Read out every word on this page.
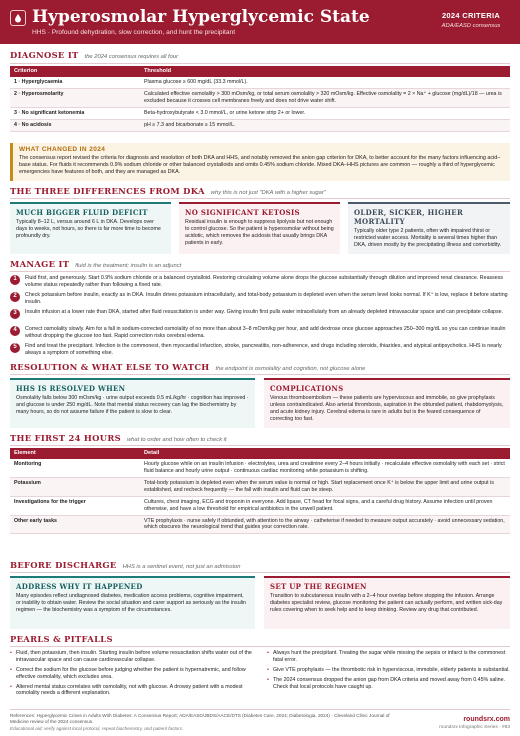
Hyperosmolar Hyperglycemic State
HHS · Profound dehydration, slow correction, and hunt the precipitant
2024 CRITERIA
ADA/EASD consensus
DIAGNOSE IT the 2024 consensus requires all four
Criterion	Threshold
1 · Hyperglycaemia	Plasma glucose ≥ 600 mg/dL (33.3 mmol/L).
2 · Hyperosmolarity	Calculated effective osmolality > 300 mOsm/kg, or total serum osmolality > 320 mOsm/kg. Effective osmolality = 2 × Na⁺ + glucose (mg/dL)/18 — urea is excluded because it crosses cell membranes freely and does not drive water shift.
3 · No significant ketonemia	Beta-hydroxybutyrate < 3.0 mmol/L, or urine ketone strip 2+ or lower.
4 · No acidosis	pH ≥ 7.3 and bicarbonate ≥ 15 mmol/L.
WHAT CHANGED IN 2024
The consensus report revised the criteria for diagnosis and resolution of both DKA and HHS, and notably removed the anion gap criterion for DKA, to better account for the many factors influencing acid–base status. For fluids it recommends 0.9% sodium chloride or other balanced crystalloids and omits 0.45% sodium chloride. Mixed DKA–HHS pictures are common — roughly a third of hyperglycemic emergencies have features of both, and they are managed as DKA.
THE THREE DIFFERENCES FROM DKA why this is not just "DKA with a higher sugar"
MUCH BIGGER FLUID DEFICIT
Typically 8–12 L, versus around 6 L in DKA. Develops over days to weeks, not hours, so there is far more time to become profoundly dry.
NO SIGNIFICANT KETOSIS
Residual insulin is enough to suppress lipolysis but not enough to control glucose. So the patient is hyperosmolar without being acidotic, which removes the acidosis that usually brings DKA patients in early.
OLDER, SICKER, HIGHER MORTALITY
Typically older type 2 patients, often with impaired thirst or restricted water access. Mortality is several times higher than DKA, driven mostly by the precipitating illness and comorbidity.
MANAGE IT fluid is the treatment; insulin is an adjunct
1	Fluid first, and generously. Start 0.9% sodium chloride or a balanced crystalloid. Restoring circulating volume alone drops the glucose substantially through dilution and improved renal clearance. Reassess volume status repeatedly rather than following a fixed rate.
2	Check potassium before insulin, exactly as in DKA. Insulin drives potassium intracellularly, and total-body potassium is depleted even when the serum level looks normal. If K⁺ is low, replace it before starting insulin.
3	Insulin infusion at a lower rate than DKA, started after fluid resuscitation is under way. Giving insulin first pulls water intracellularly from an already depleted intravascular space and can precipitate collapse.
4	Correct osmolality slowly. Aim for a fall in sodium-corrected osmolality of no more than about 3–8 mOsm/kg per hour, and add dextrose once glucose approaches 250–300 mg/dL so you can continue insulin without dropping the glucose too fast. Rapid correction risks cerebral edema.
5	Find and treat the precipitant. Infection is the commonest, then myocardial infarction, stroke, pancreatitis, non-adherence, and drugs including steroids, thiazides, and atypical antipsychotics. HHS is nearly always a symptom of something else.
RESOLUTION & WHAT ELSE TO WATCH the endpoint is osmolality and cognition, not glucose alone
HHS IS RESOLVED WHEN
Osmolality falls below 300 mOsm/kg · urine output exceeds 0.5 mL/kg/hr · cognition has improved · and glucose is under 250 mg/dL. Note that mental status recovery can lag the biochemistry by many hours, so do not assume failure if the patient is slow to clear.
COMPLICATIONS
Venous thromboembolism — these patients are hyperviscous and immobile, so give prophylaxis unless contraindicated. Also arterial thrombosis, aspiration in the obtunded patient, rhabdomyolysis, and acute kidney injury. Cerebral edema is rare in adults but is the feared consequence of correcting too fast.
THE FIRST 24 HOURS what to order and how often to check it
Element	Detail
Monitoring	Hourly glucose while on an insulin infusion · electrolytes, urea and creatinine every 2–4 hours initially · recalculate effective osmolality with each set · strict fluid balance and hourly urine output · continuous cardiac monitoring while potassium is shifting.
Potassium	Total-body potassium is depleted even when the serum value is normal or high. Start replacement once K⁺ is below the upper limit and urine output is established, and recheck frequently — the fall with insulin and fluid can be steep.
Investigations for the trigger	Cultures, chest imaging, ECG and troponin in everyone. Add lipase, CT head for focal signs, and a careful drug history. Assume infection until proven otherwise, and have a low threshold for empirical antibiotics in the unwell patient.
Other early tasks	VTE prophylaxis · nurse safely if obtunded, with attention to the airway · catheterise if needed to measure output accurately · avoid unnecessary sedation, which obscures the neurological trend that guides your correction rate.
BEFORE DISCHARGE HHS is a sentinel event, not just an admission
ADDRESS WHY IT HAPPENED
Many episodes reflect undiagnosed diabetes, medication access problems, cognitive impairment, or inability to obtain water. Review the social situation and carer support as seriously as the insulin regimen — the biochemistry was a symptom of the circumstances.
SET UP THE REGIMEN
Transition to subcutaneous insulin with a 2–4 hour overlap before stopping the infusion. Arrange diabetes specialist review, glucose monitoring the patient can actually perform, and written sick-day rules covering when to seek help and to keep drinking. Review any drug that contributed.
PEARLS & PITFALLS
• Fluid, then potassium, then insulin. Starting insulin before volume resuscitation shifts water out of the intravascular space and can cause cardiovascular collapse.
• Correct the sodium for the glucose before judging whether the patient is hypernatremic, and follow effective osmolality, which excludes urea.
• Altered mental status correlates with osmolality, not with glucose. A drowsy patient with a modest osmolality needs a different explanation.
• Always hunt the precipitant. Treating the sugar while missing the sepsis or infarct is the commonest fatal error.
• Give VTE prophylaxis — the thrombotic risk in hyperviscous, immobile, elderly patients is substantial.
• The 2024 consensus dropped the anion gap from DKA criteria and moved away from 0.45% saline. Check that local protocols have caught up.
References: Hyperglycemic Crises in Adults With Diabetes: A Consensus Report; ADA/EASD/JBDS/AACE/DTS (Diabetes Care, 2024; Diabetologia, 2024) · Cleveland Clinic Journal of Medicine review of the 2024 consensus.
Educational aid; verify against local protocol, repeat biochemistry, and patient factors.
roundsrx.com
roundsrx Infographic Series · #83
